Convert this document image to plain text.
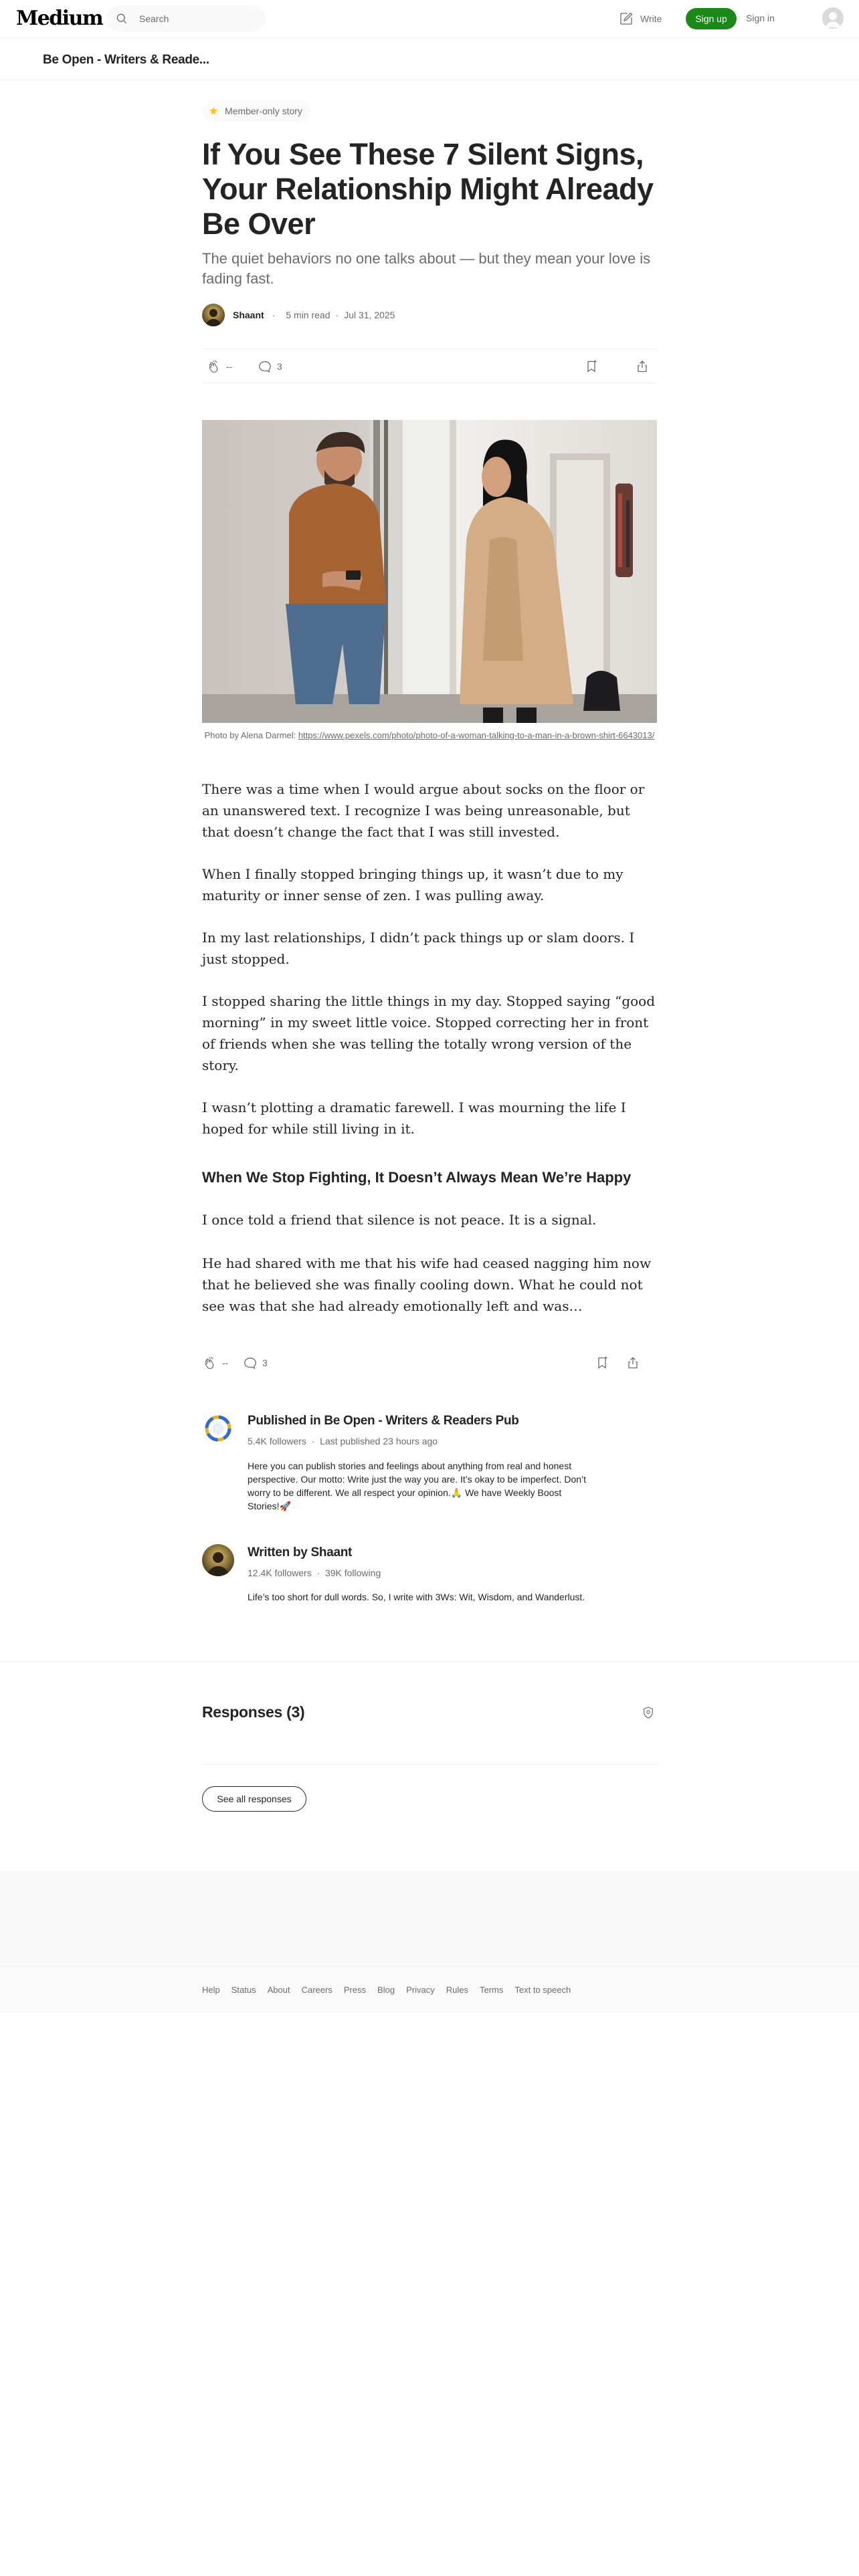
Medium	Search	Write	Sign up	Sign in
Be Open - Writers & Reade...
Member-only story
If You See These 7 Silent Signs, Your Relationship Might Already Be Over
The quiet behaviors no one talks about — but they mean your love is fading fast.
Shaant · 5 min read · Jul 31, 2025
--	3
Photo by Alena Darmel: https://www.pexels.com/photo/photo-of-a-woman-talking-to-a-man-in-a-brown-shirt-6643013/

There was a time when I would argue about socks on the floor or an unanswered text. I recognize I was being unreasonable, but that doesn’t change the fact that I was still invested.

When I finally stopped bringing things up, it wasn’t due to my maturity or inner sense of zen. I was pulling away.

In my last relationships, I didn’t pack things up or slam doors. I just stopped.

I stopped sharing the little things in my day. Stopped saying “good morning” in my sweet little voice. Stopped correcting her in front of friends when she was telling the totally wrong version of the story.

I wasn’t plotting a dramatic farewell. I was mourning the life I hoped for while still living in it.

When We Stop Fighting, It Doesn’t Always Mean We’re Happy

I once told a friend that silence is not peace. It is a signal.

He had shared with me that his wife had ceased nagging him now that he believed she was finally cooling down. What he could not see was that she had already emotionally left and was…

--	3
Published in Be Open - Writers & Readers Pub
5.4K followers  ·  Last published 23 hours ago
Here you can publish stories and feelings about anything from real and honest perspective. Our motto: Write just the way you are. It’s okay to be imperfect. Don’t worry to be different. We all respect your opinion.🙏 We have Weekly Boost Stories!🚀
Written by Shaant
12.4K followers  ·  39K following
Life’s too short for dull words. So, I write with 3Ws: Wit, Wisdom, and Wanderlust.
Responses (3)
See all responses
Help Status About Careers Press Blog Privacy Rules Terms Text to speech
